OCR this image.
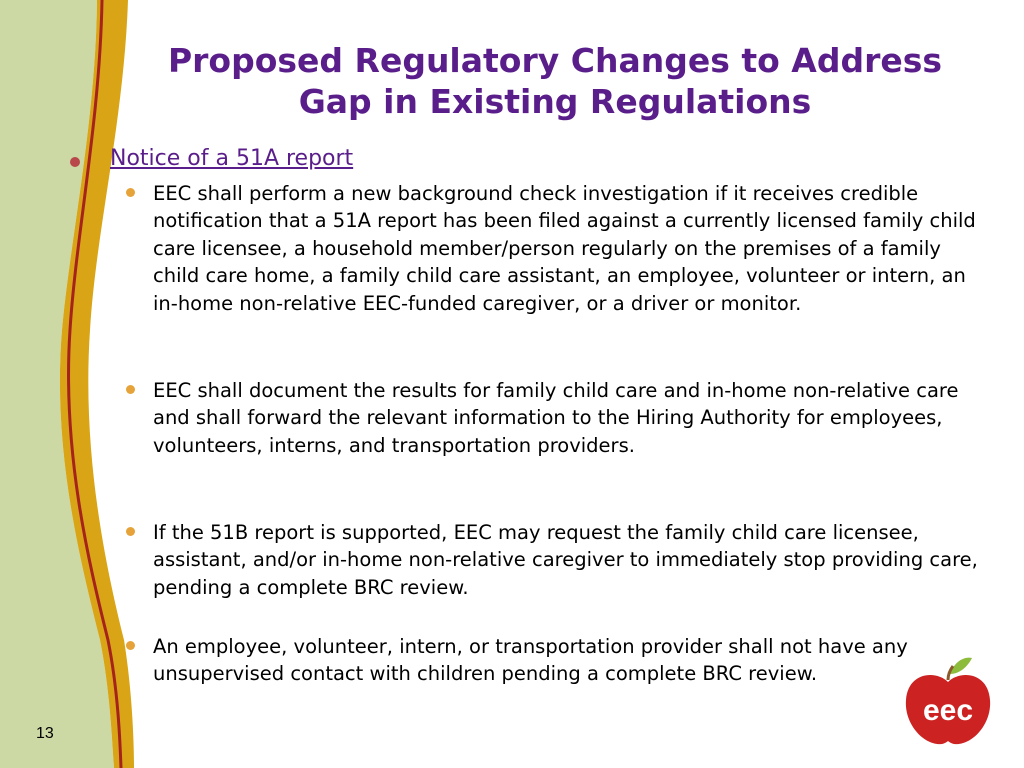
Proposed Regulatory Changes to Address
Gap in Existing Regulations
Notice of a 51A report
EEC shall perform a new background check investigation if it receives credible notification that a 51A report has been filed against a currently licensed family child care licensee, a household member/person regularly on the premises of a family child care home, a family child care assistant, an employee, volunteer or intern, an in-home non-relative EEC-funded caregiver, or a driver or monitor.
EEC shall document the results for family child care and in-home non-relative care and shall forward the relevant information to the Hiring Authority for employees, volunteers, interns, and transportation providers.
If the 51B report is supported, EEC may request the family child care licensee, assistant, and/or in-home non-relative caregiver to immediately stop providing care, pending a complete BRC review.
An employee, volunteer, intern, or transportation provider shall not have any unsupervised contact with children pending a complete BRC review.
13
eec
